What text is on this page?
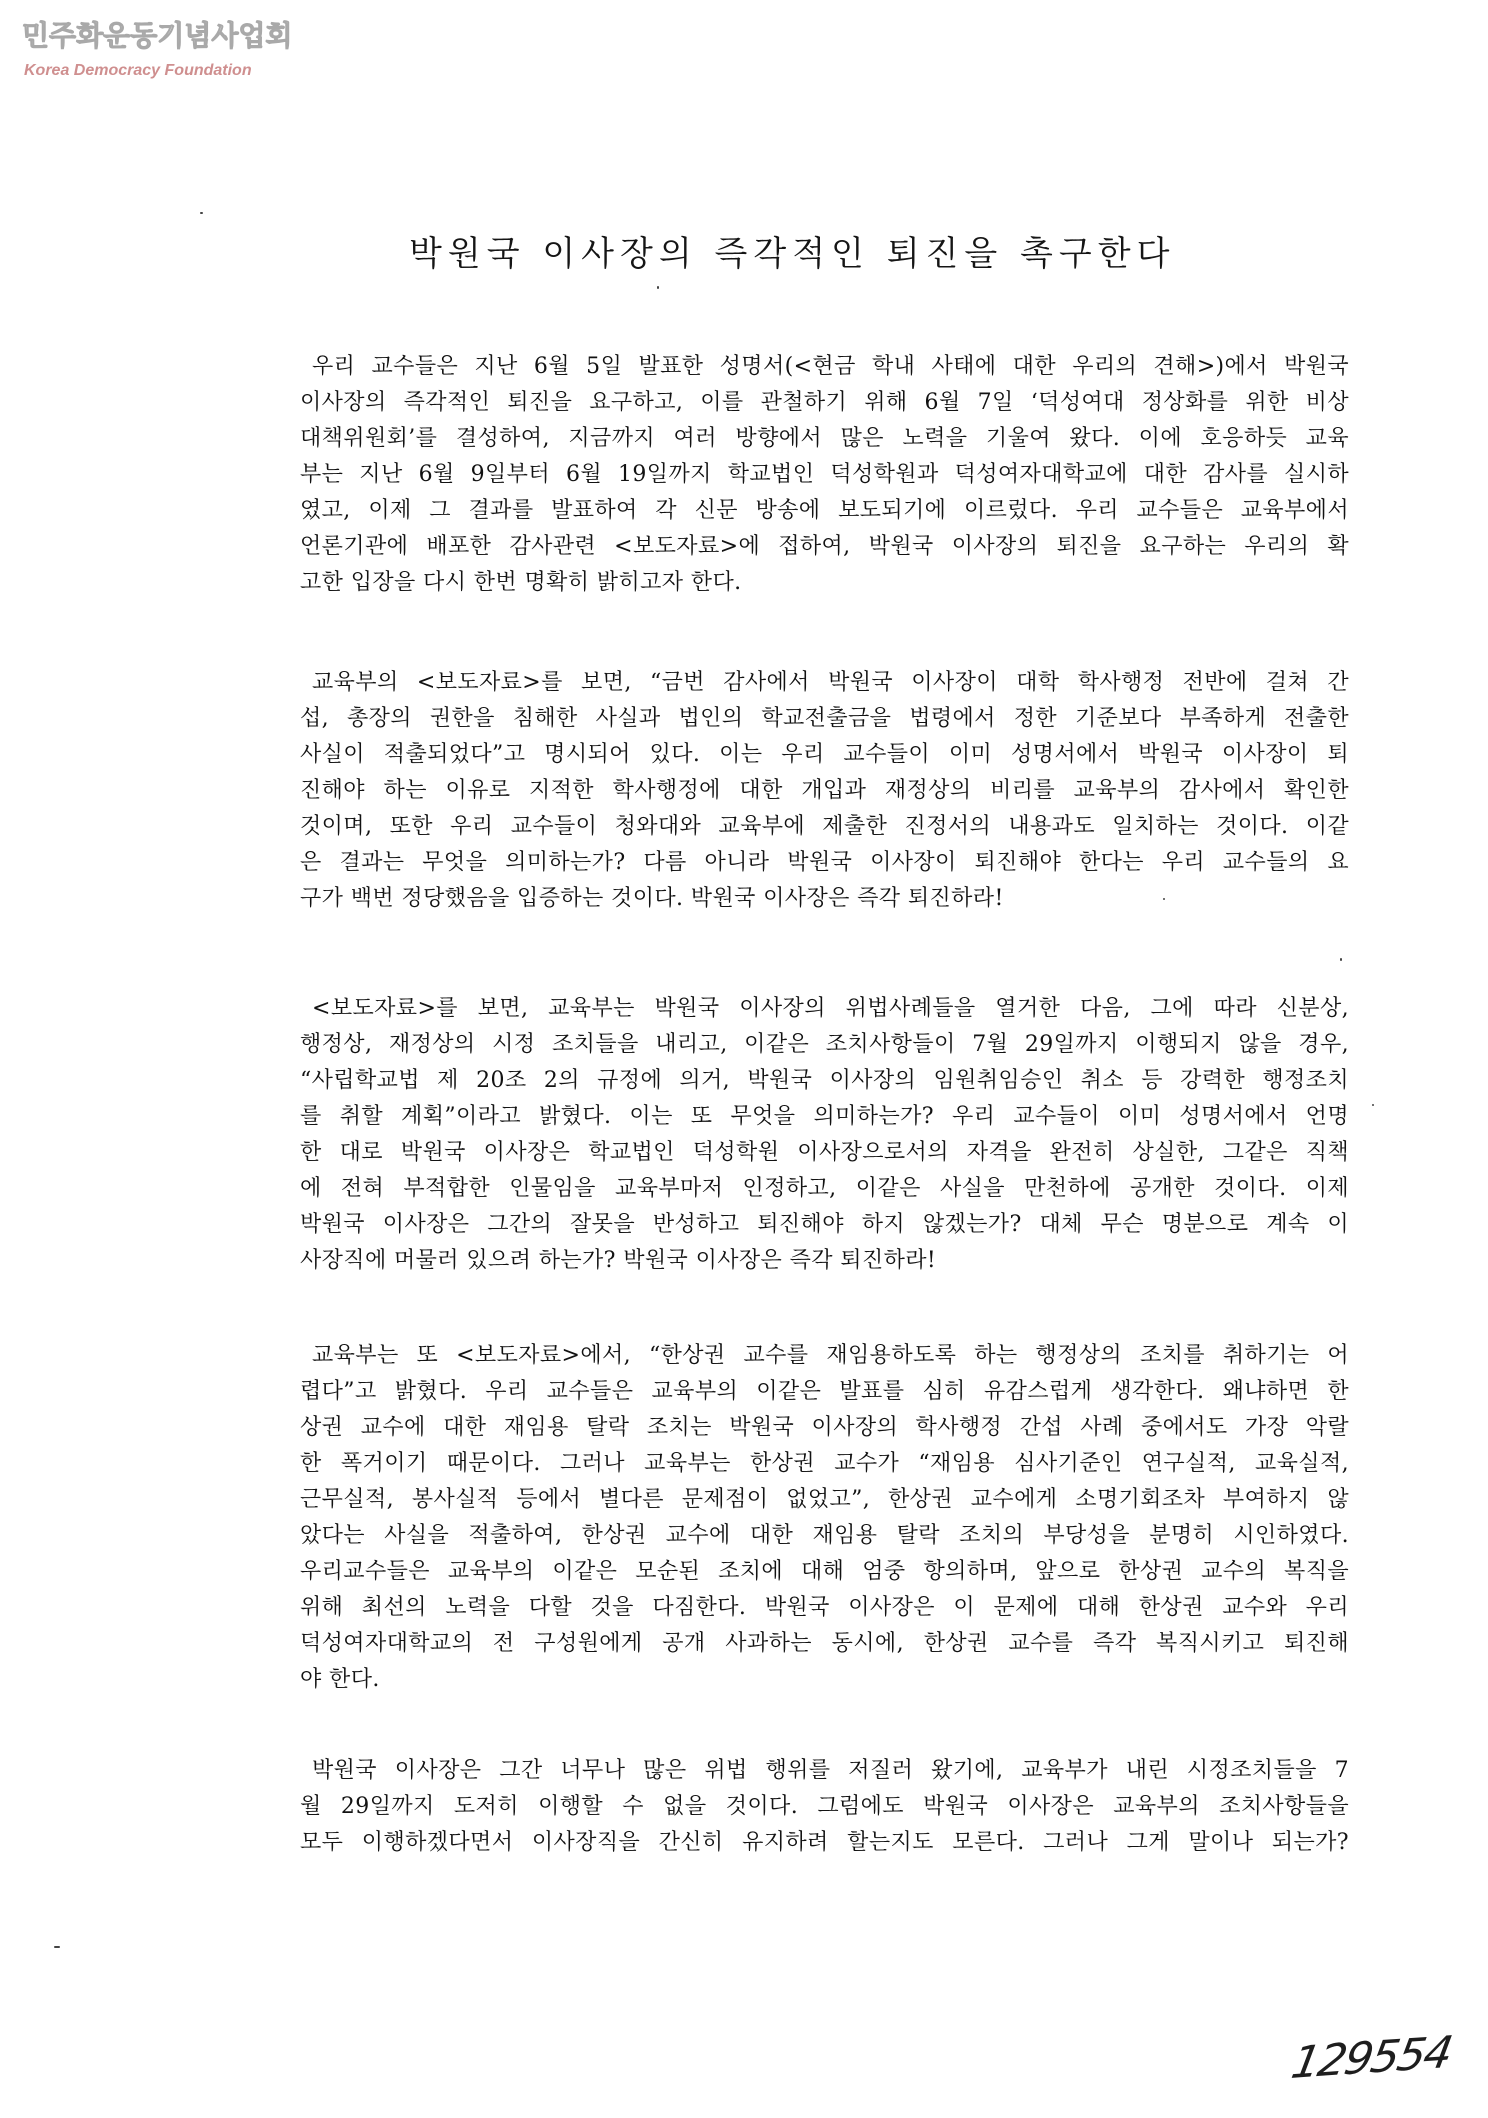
민주화운동기념사업회
Korea Democracy Foundation
박원국 이사장의 즉각적인 퇴진을 촉구한다
우리 교수들은 지난 6월 5일 발표한 성명서(<현금 학내 사태에 대한 우리의 견해>)에서 박원국
이사장의 즉각적인 퇴진을 요구하고, 이를 관철하기 위해 6월 7일 ‘덕성여대 정상화를 위한 비상
대책위원회’를 결성하여, 지금까지 여러 방향에서 많은 노력을 기울여 왔다. 이에 호응하듯 교육
부는 지난 6월 9일부터 6월 19일까지 학교법인 덕성학원과 덕성여자대학교에 대한 감사를 실시하
였고, 이제 그 결과를 발표하여 각 신문 방송에 보도되기에 이르렀다. 우리 교수들은 교육부에서
언론기관에 배포한 감사관련 <보도자료>에 접하여, 박원국 이사장의 퇴진을 요구하는 우리의 확
고한 입장을 다시 한번 명확히 밝히고자 한다.
교육부의 <보도자료>를 보면, “금번 감사에서 박원국 이사장이 대학 학사행정 전반에 걸쳐 간
섭, 총장의 권한을 침해한 사실과 법인의 학교전출금을 법령에서 정한 기준보다 부족하게 전출한
사실이 적출되었다”고 명시되어 있다. 이는 우리 교수들이 이미 성명서에서 박원국 이사장이 퇴
진해야 하는 이유로 지적한 학사행정에 대한 개입과 재정상의 비리를 교육부의 감사에서 확인한
것이며, 또한 우리 교수들이 청와대와 교육부에 제출한 진정서의 내용과도 일치하는 것이다. 이같
은 결과는 무엇을 의미하는가? 다름 아니라 박원국 이사장이 퇴진해야 한다는 우리 교수들의 요
구가 백번 정당했음을 입증하는 것이다. 박원국 이사장은 즉각 퇴진하라!
<보도자료>를 보면, 교육부는 박원국 이사장의 위법사례들을 열거한 다음, 그에 따라 신분상,
행정상, 재정상의 시정 조치들을 내리고, 이같은 조치사항들이 7월 29일까지 이행되지 않을 경우,
“사립학교법 제 20조 2의 규정에 의거, 박원국 이사장의 임원취임승인 취소 등 강력한 행정조치
를 취할 계획”이라고 밝혔다. 이는 또 무엇을 의미하는가? 우리 교수들이 이미 성명서에서 언명
한 대로 박원국 이사장은 학교법인 덕성학원 이사장으로서의 자격을 완전히 상실한, 그같은 직책
에 전혀 부적합한 인물임을 교육부마저 인정하고, 이같은 사실을 만천하에 공개한 것이다. 이제
박원국 이사장은 그간의 잘못을 반성하고 퇴진해야 하지 않겠는가? 대체 무슨 명분으로 계속 이
사장직에 머물러 있으려 하는가? 박원국 이사장은 즉각 퇴진하라!
교육부는 또 <보도자료>에서, “한상권 교수를 재임용하도록 하는 행정상의 조치를 취하기는 어
렵다”고 밝혔다. 우리 교수들은 교육부의 이같은 발표를 심히 유감스럽게 생각한다. 왜냐하면 한
상권 교수에 대한 재임용 탈락 조치는 박원국 이사장의 학사행정 간섭 사례 중에서도 가장 악랄
한 폭거이기 때문이다. 그러나 교육부는 한상권 교수가 “재임용 심사기준인 연구실적, 교육실적,
근무실적, 봉사실적 등에서 별다른 문제점이 없었고”, 한상권 교수에게 소명기회조차 부여하지 않
았다는 사실을 적출하여, 한상권 교수에 대한 재임용 탈락 조치의 부당성을 분명히 시인하였다.
우리교수들은 교육부의 이같은 모순된 조치에 대해 엄중 항의하며, 앞으로 한상권 교수의 복직을
위해 최선의 노력을 다할 것을 다짐한다. 박원국 이사장은 이 문제에 대해 한상권 교수와 우리
덕성여자대학교의 전 구성원에게 공개 사과하는 동시에, 한상권 교수를 즉각 복직시키고 퇴진해
야 한다.
박원국 이사장은 그간 너무나 많은 위법 행위를 저질러 왔기에, 교육부가 내린 시정조치들을 7
월 29일까지 도저히 이행할 수 없을 것이다. 그럼에도 박원국 이사장은 교육부의 조치사항들을
모두 이행하겠다면서 이사장직을 간신히 유지하려 할는지도 모른다. 그러나 그게 말이나 되는가?
129554
